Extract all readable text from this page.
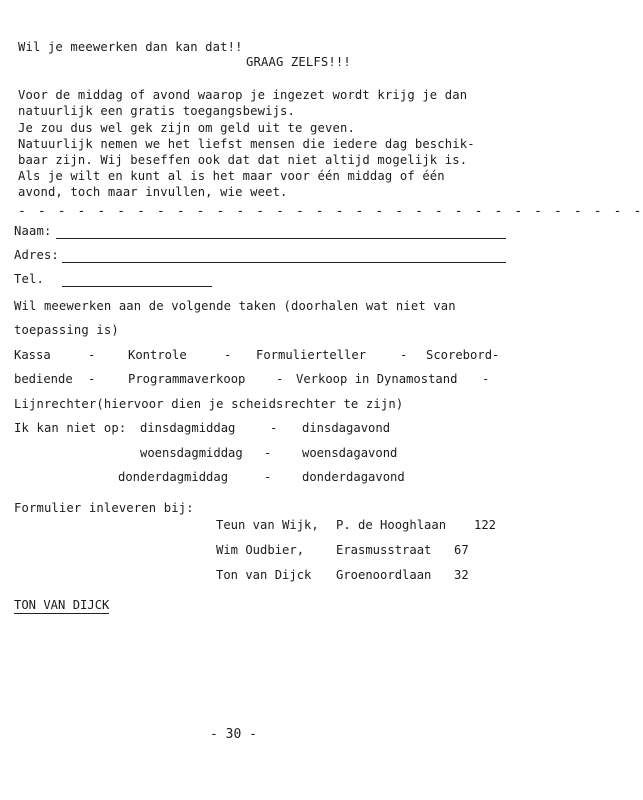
Wil je meewerken dan kan dat!!
GRAAG ZELFS!!!
Voor de middag of avond waarop je ingezet wordt krijg je dan
natuurlijk een gratis toegangsbewijs.
Je zou dus wel gek zijn om geld uit te geven.
Natuurlijk nemen we het liefst mensen die iedere dag beschik-
baar zijn. Wij beseffen ook dat dat niet altijd mogelijk is.
Als je wilt en kunt al is het maar voor één middag of één
avond, toch maar invullen, wie weet.
- - - - - - - - - - - - - - - - - - - - - - - - - - - - - - - -
Naam:
Adres:
Tel.
Wil meewerken aan de volgende taken (doorhalen wat niet van
toepassing is)
Kassa	-	Kontrole	- Formulierteller	- Scorebord-
bediende -	Programmaverkoop	- Verkoop in Dynamostand -
Lijnrechter(hiervoor dien je scheidsrechter te zijn)
Ik kan niet op: dinsdagmiddag	- dinsdagavond
woensdagmiddag -	woensdagavond
donderdagmiddag	-	donderdagavond
Formulier inleveren bij:
Teun van Wijk, P. de Hooghlaan 122
Wim Oudbier,	Erasmusstraat 67
Ton van Dijck Groenoordlaan 32
TON VAN DIJCK
- 30 -
